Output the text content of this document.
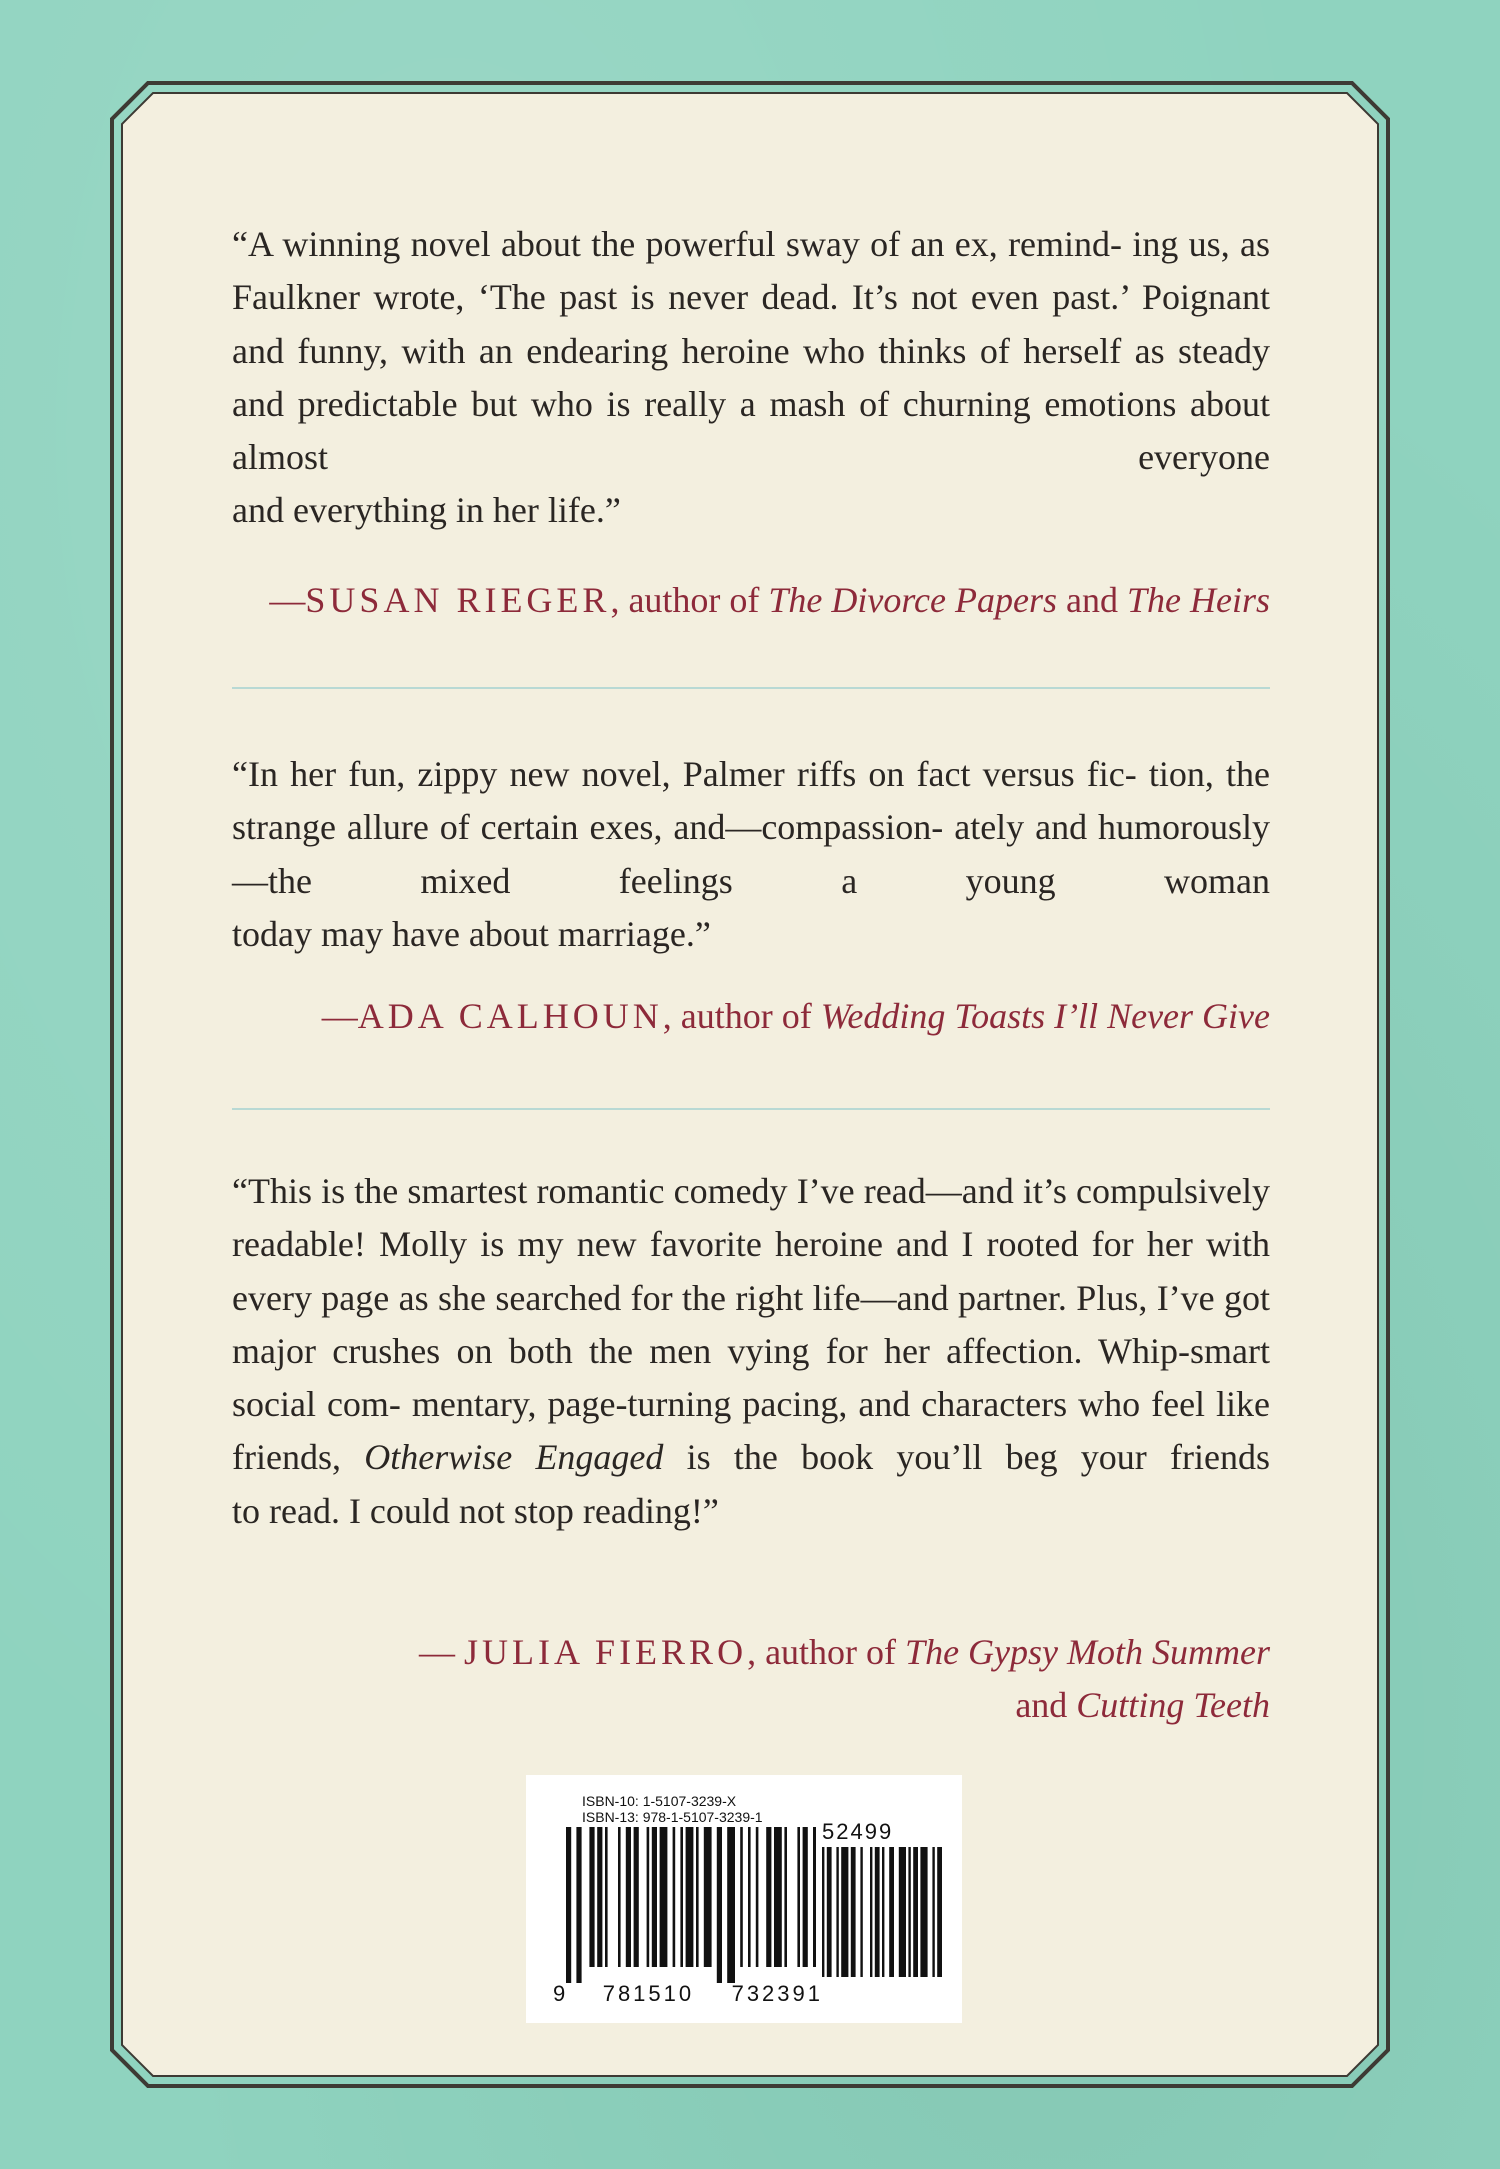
“A winning novel about the powerful sway of an ex, remind- ing us, as Faulkner wrote, ‘The past is never dead. It’s not even past.’ Poignant and funny, with an endearing heroine who thinks of herself as steady and predictable but who is really a mash of churning emotions about almost everyone
and everything in her life.”

—SUSAN RIEGER, author of The Divorce Papers and The Heirs

“In her fun, zippy new novel, Palmer riffs on fact versus fic- tion, the strange allure of certain exes, and—compassion- ately and humorously—the mixed feelings a young woman
today may have about marriage.”

—ADA CALHOUN, author of Wedding Toasts I’ll Never Give

“This is the smartest romantic comedy I’ve read—and it’s compulsively readable! Molly is my new favorite heroine and I rooted for her with every page as she searched for the right life—and partner. Plus, I’ve got major crushes on both the men vying for her affection. Whip-smart social com- mentary, page-turning pacing, and characters who feel like friends, Otherwise Engaged is the book you’ll beg your friends
to read. I could not stop reading!”

— JULIA FIERRO, author of The Gypsy Moth Summer

and Cutting Teeth

ISBN-10: 1-5107-3239-X
ISBN-13: 978-1-5107-3239-1
52499
9 781510 732391
